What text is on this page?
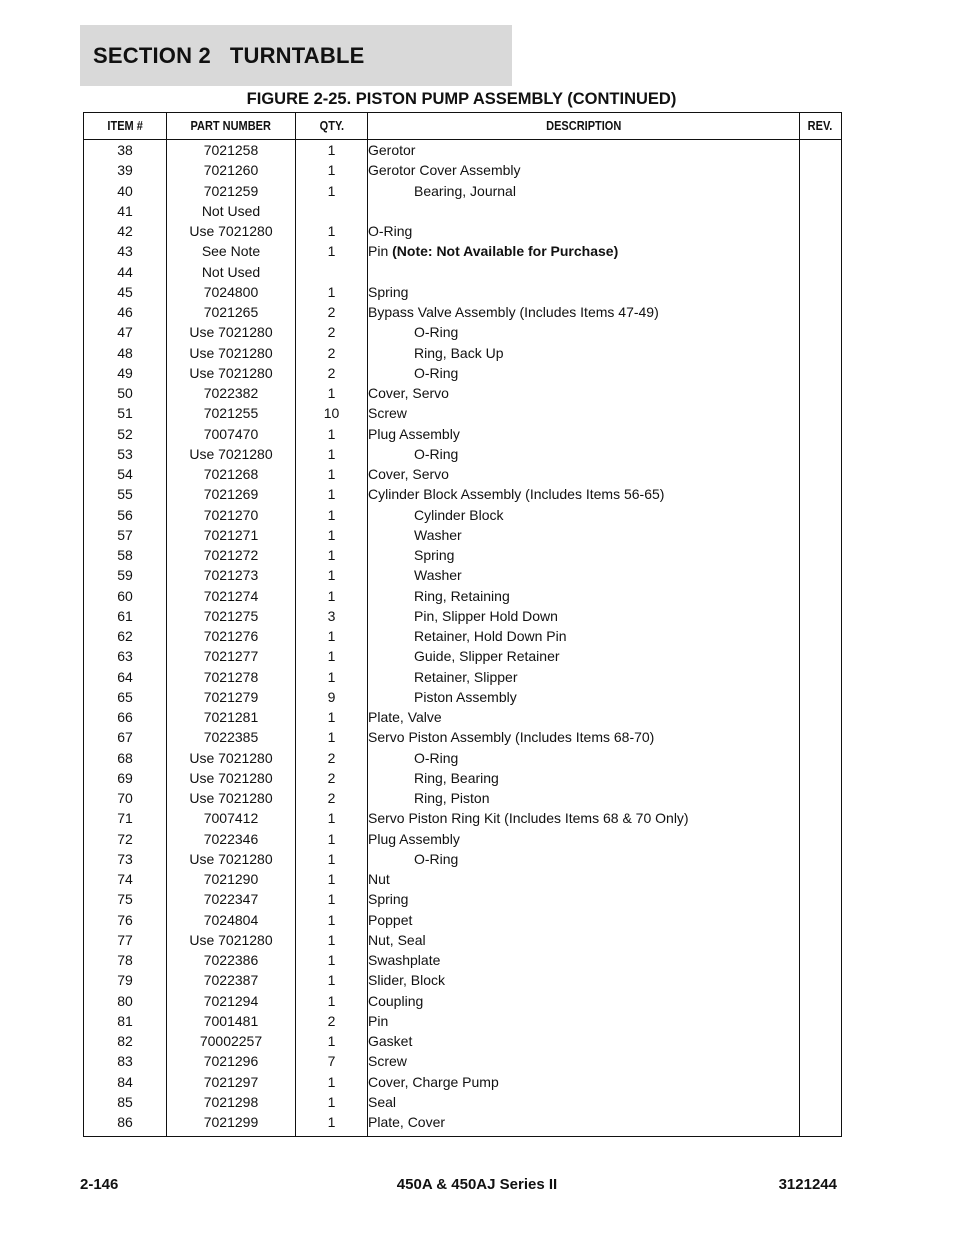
SECTION 2   TURNTABLE
FIGURE 2-25. PISTON PUMP ASSEMBLY (CONTINUED)
ITEM #	PART NUMBER	QTY.	DESCRIPTION	REV.
38	7021258	1	Gerotor	
39	7021260	1	Gerotor Cover Assembly	
40	7021259	1	Bearing, Journal	
41	Not Used			
42	Use 7021280	1	O-Ring	
43	See Note	1	Pin (Note: Not Available for Purchase)	
44	Not Used			
45	7024800	1	Spring	
46	7021265	2	Bypass Valve Assembly (Includes Items 47-49)	
47	Use 7021280	2	O-Ring	
48	Use 7021280	2	Ring, Back Up	
49	Use 7021280	2	O-Ring	
50	7022382	1	Cover, Servo	
51	7021255	10	Screw	
52	7007470	1	Plug Assembly	
53	Use 7021280	1	O-Ring	
54	7021268	1	Cover, Servo	
55	7021269	1	Cylinder Block Assembly (Includes Items 56-65)	
56	7021270	1	Cylinder Block	
57	7021271	1	Washer	
58	7021272	1	Spring	
59	7021273	1	Washer	
60	7021274	1	Ring, Retaining	
61	7021275	3	Pin, Slipper Hold Down	
62	7021276	1	Retainer, Hold Down Pin	
63	7021277	1	Guide, Slipper Retainer	
64	7021278	1	Retainer, Slipper	
65	7021279	9	Piston Assembly	
66	7021281	1	Plate, Valve	
67	7022385	1	Servo Piston Assembly (Includes Items 68-70)	
68	Use 7021280	2	O-Ring	
69	Use 7021280	2	Ring, Bearing	
70	Use 7021280	2	Ring, Piston	
71	7007412	1	Servo Piston Ring Kit (Includes Items 68 & 70 Only)	
72	7022346	1	Plug Assembly	
73	Use 7021280	1	O-Ring	
74	7021290	1	Nut	
75	7022347	1	Spring	
76	7024804	1	Poppet	
77	Use 7021280	1	Nut, Seal	
78	7022386	1	Swashplate	
79	7022387	1	Slider, Block	
80	7021294	1	Coupling	
81	7001481	2	Pin	
82	70002257	1	Gasket	
83	7021296	7	Screw	
84	7021297	1	Cover, Charge Pump	
85	7021298	1	Seal	
86	7021299	1	Plate, Cover	
2-146	450A & 450AJ Series II	3121244
